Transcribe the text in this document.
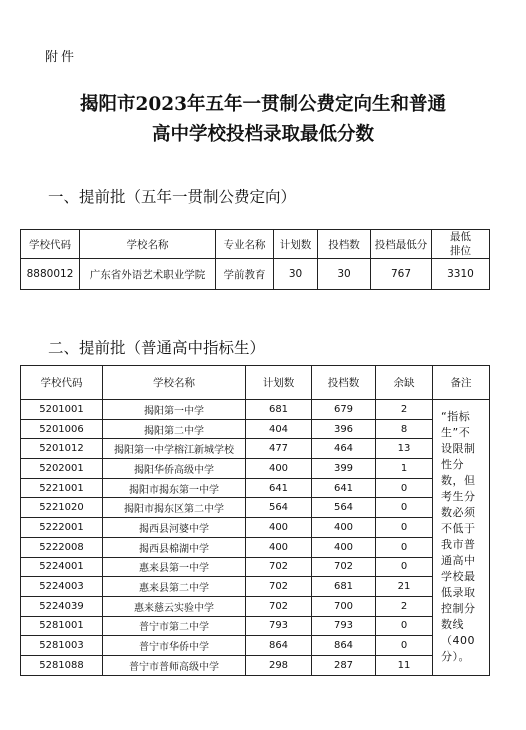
附件
揭阳市2023年五年一贯制公费定向生和普通
高中学校投档录取最低分数
一、提前批（五年一贯制公费定向）
学校代码	学校名称	专业名称	计划数	投档数	投档最低分	最低
排位
8880012	广东省外语艺术职业学院	学前教育	30	30	767	3310
二、提前批（普通高中指标生）
学校代码	学校名称	计划数	投档数	余缺	备注
5201001	揭阳第一中学	681	679	2	“指标生”不设限制性分数，但考生分数必须不低于我市普通高中学校最低录取控制分数线（400分）。
5201006	揭阳第二中学	404	396	8	
5201012	揭阳第一中学榕江新城学校	477	464	13	
5202001	揭阳华侨高级中学	400	399	1	
5221001	揭阳市揭东第一中学	641	641	0	
5221020	揭阳市揭东区第二中学	564	564	0	
5222001	揭西县河婆中学	400	400	0	
5222008	揭西县棉湖中学	400	400	0	
5224001	惠来县第一中学	702	702	0	
5224003	惠来县第二中学	702	681	21	
5224039	惠来慈云实验中学	702	700	2	
5281001	普宁市第二中学	793	793	0	
5281003	普宁市华侨中学	864	864	0	
5281088	普宁市普师高级中学	298	287	11	
